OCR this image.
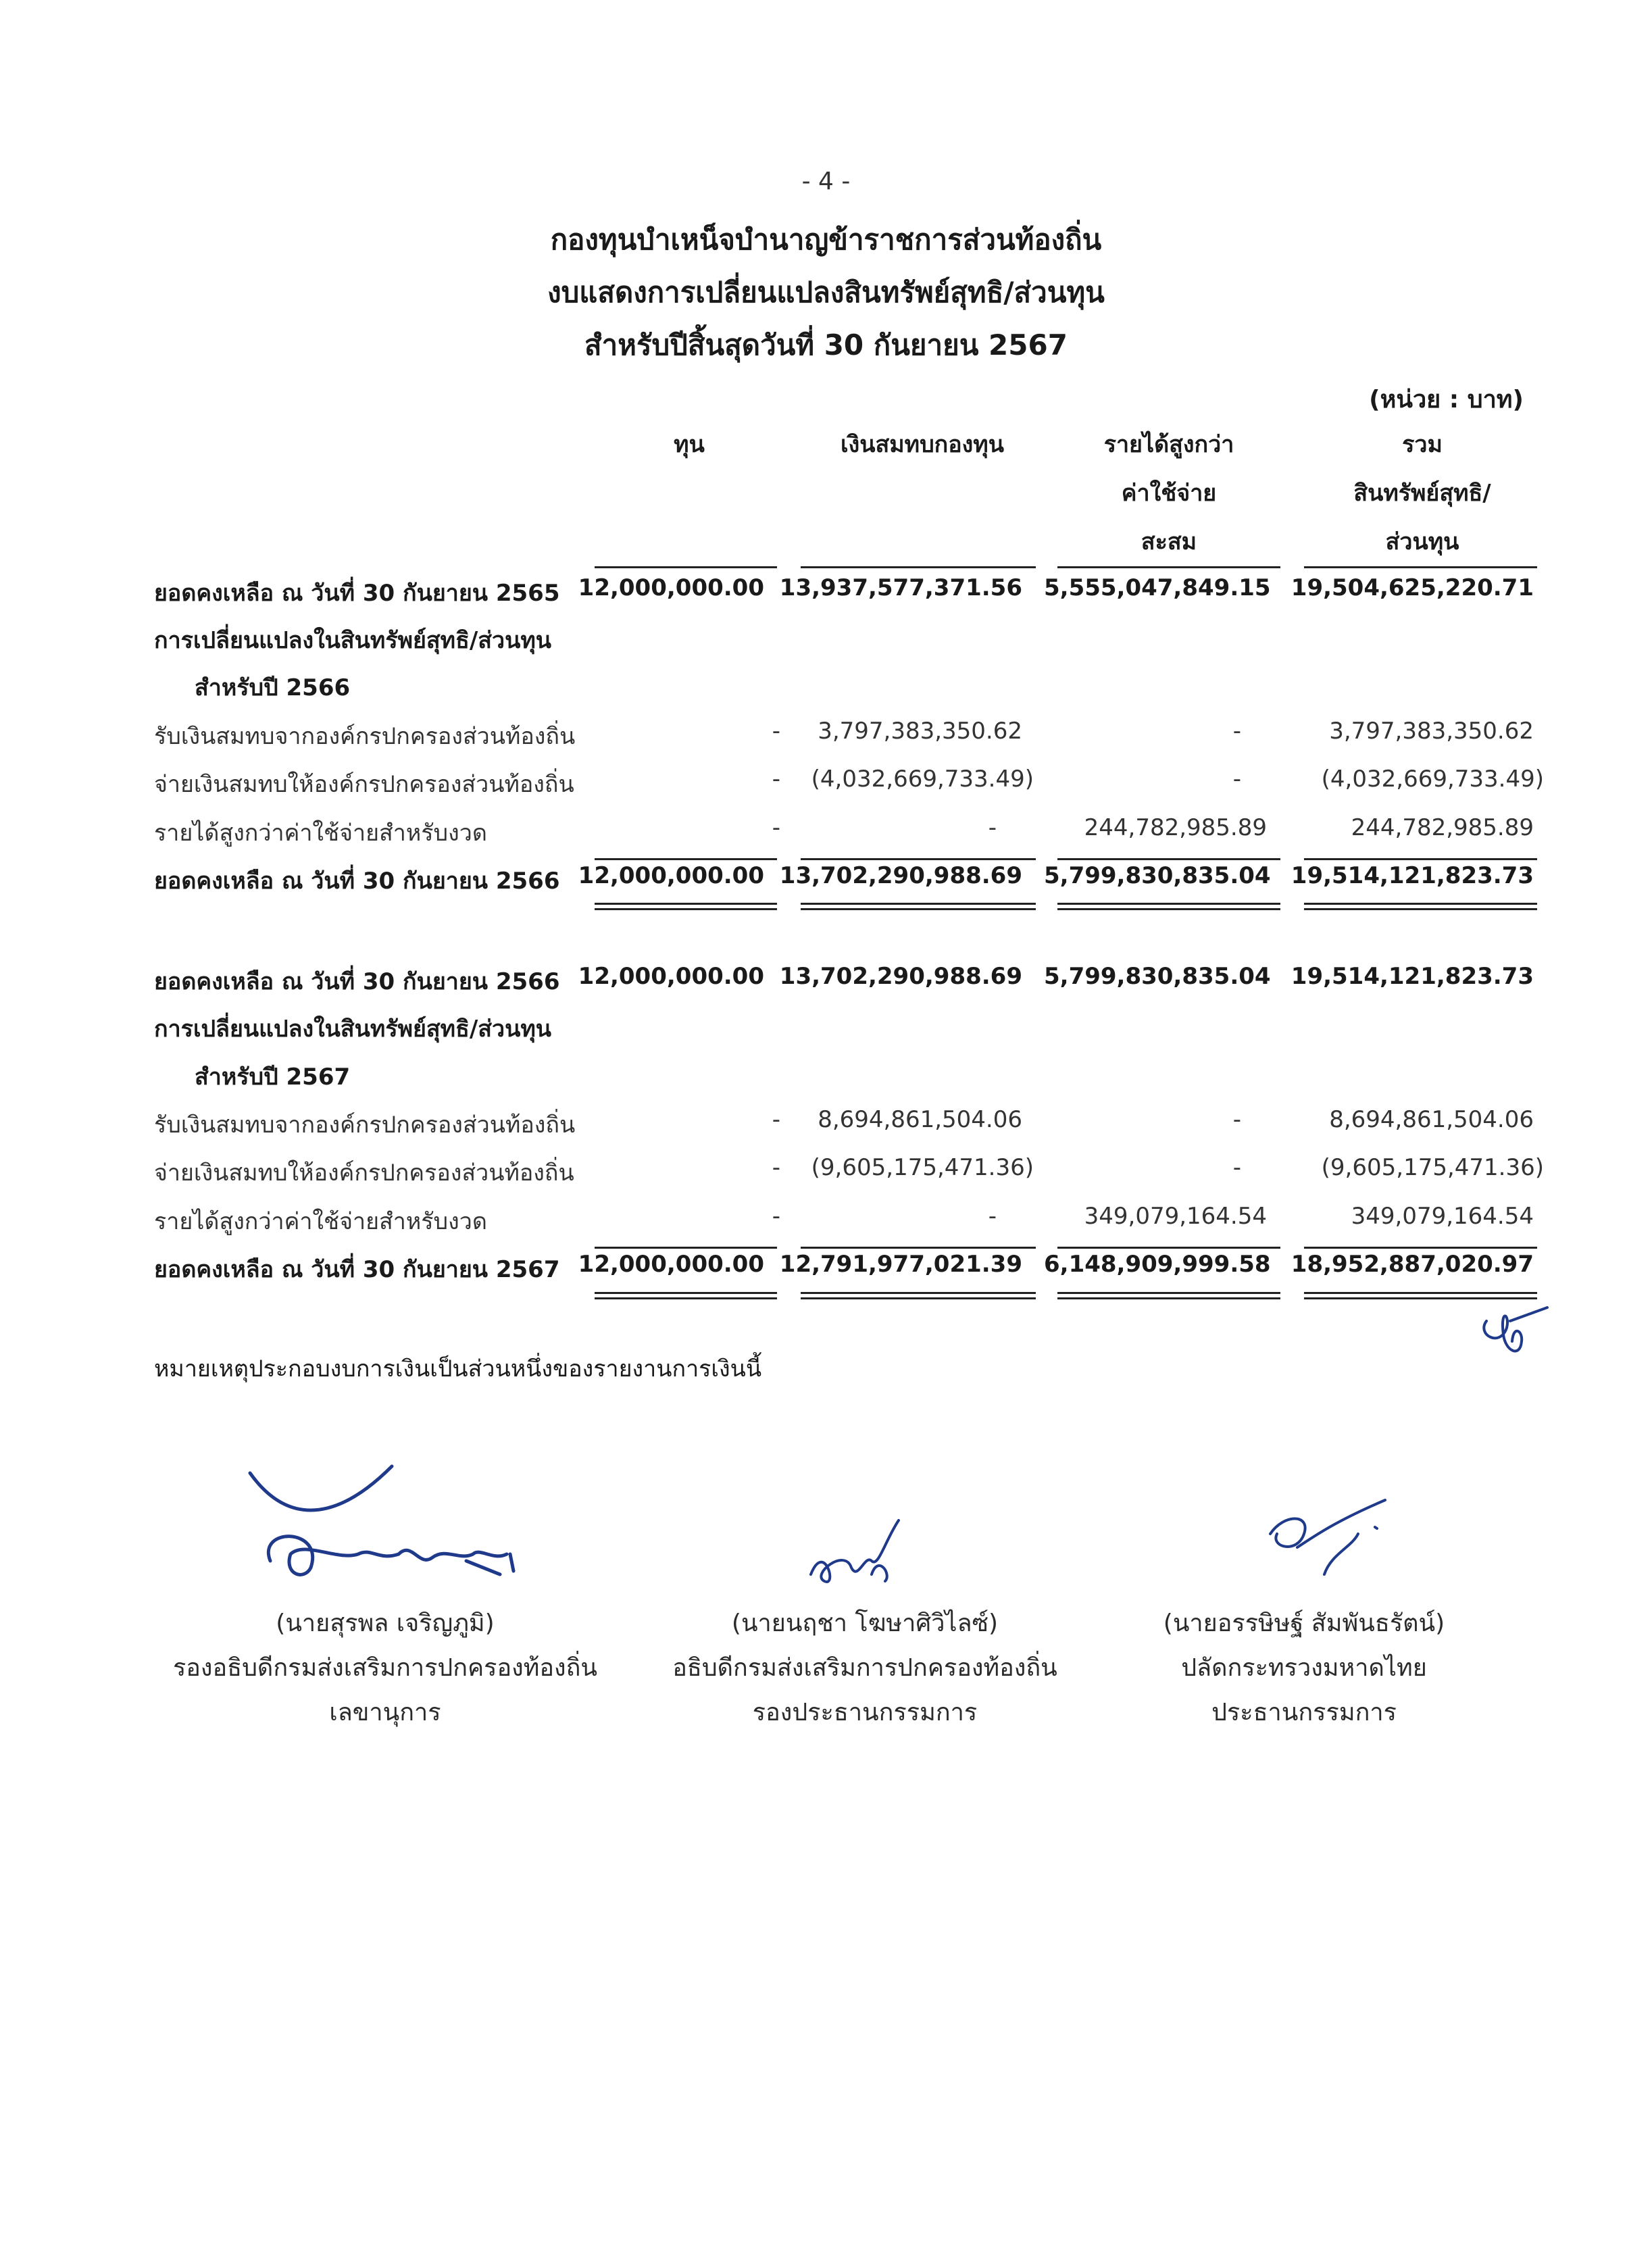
- 4 -
กองทุนบำเหน็จบำนาญข้าราชการส่วนท้องถิ่น
งบแสดงการเปลี่ยนแปลงสินทรัพย์สุทธิ/ส่วนทุน
สำหรับปีสิ้นสุดวันที่ 30 กันยายน 2567
(หน่วย : บาท)
ทุน	เงินสมทบกองทุน	รายได้สูงกว่า
ค่าใช้จ่าย
สะสม
รวม
สินทรัพย์สุทธิ/
ส่วนทุน
ยอดคงเหลือ ณ วันที่ 30 กันยายน 2565 12,000,000.00 13,937,577,371.56 5,555,047,849.15 19,504,625,220.71
การเปลี่ยนแปลงในสินทรัพย์สุทธิ/ส่วนทุน
สำหรับปี 2566
รับเงินสมทบจากองค์กรปกครองส่วนท้องถิ่น	-	3,797,383,350.62	-	3,797,383,350.62
จ่ายเงินสมทบให้องค์กรปกครองส่วนท้องถิ่น	-	(4,032,669,733.49)	-	(4,032,669,733.49)
รายได้สูงกว่าค่าใช้จ่ายสำหรับงวด	-	-	244,782,985.89	244,782,985.89
ยอดคงเหลือ ณ วันที่ 30 กันยายน 2566 12,000,000.00 13,702,290,988.69 5,799,830,835.04 19,514,121,823.73
ยอดคงเหลือ ณ วันที่ 30 กันยายน 2566 12,000,000.00 13,702,290,988.69 5,799,830,835.04 19,514,121,823.73
การเปลี่ยนแปลงในสินทรัพย์สุทธิ/ส่วนทุน
สำหรับปี 2567
รับเงินสมทบจากองค์กรปกครองส่วนท้องถิ่น	-	8,694,861,504.06	-	8,694,861,504.06
จ่ายเงินสมทบให้องค์กรปกครองส่วนท้องถิ่น	-	(9,605,175,471.36)	-	(9,605,175,471.36)
รายได้สูงกว่าค่าใช้จ่ายสำหรับงวด	-	-	349,079,164.54	349,079,164.54
ยอดคงเหลือ ณ วันที่ 30 กันยายน 2567 12,000,000.00 12,791,977,021.39 6,148,909,999.58 18,952,887,020.97
หมายเหตุประกอบงบการเงินเป็นส่วนหนึ่งของรายงานการเงินนี้
(นายสุรพล เจริญภูมิ)
รองอธิบดีกรมส่งเสริมการปกครองท้องถิ่น
เลขานุการ
(นายนฤชา โฆษาศิวิไลซ์)
อธิบดีกรมส่งเสริมการปกครองท้องถิ่น
รองประธานกรรมการ
(นายอรรษิษฐ์ สัมพันธรัตน์)
ปลัดกระทรวงมหาดไทย
ประธานกรรมการ
